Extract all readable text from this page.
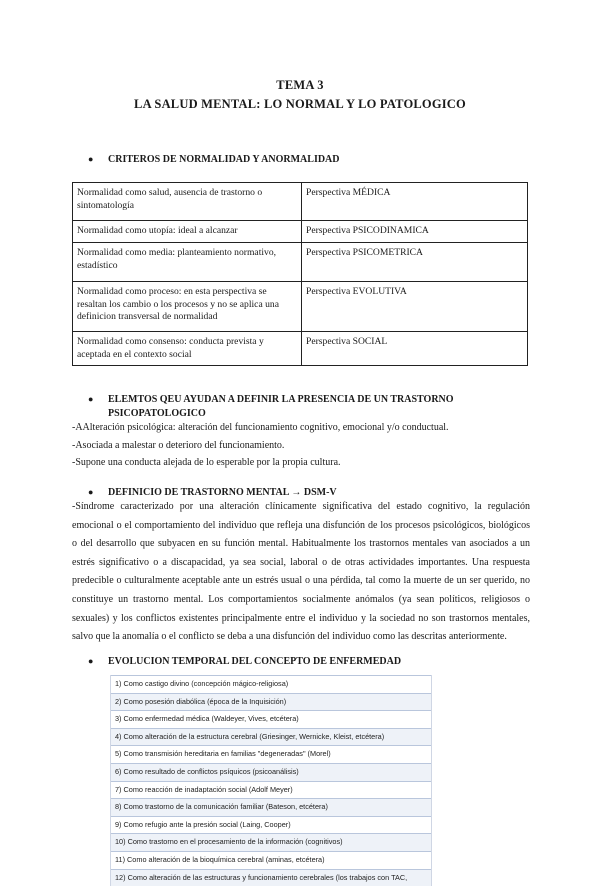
TEMA 3
LA SALUD MENTAL: LO NORMAL Y LO PATOLOGICO
● CRITEROS DE NORMALIDAD Y ANORMALIDAD
Normalidad como salud, ausencia de trastorno o sintomatología	Perspectiva MÉDICA
Normalidad como utopía: ideal a alcanzar	Perspectiva PSICODINAMICA
Normalidad como media: planteamiento normativo, estadístico	Perspectiva PSICOMETRICA
Normalidad como proceso: en esta perspectiva se resaltan los cambio o los procesos y no se aplica una definicion transversal de normalidad	Perspectiva EVOLUTIVA
Normalidad como consenso: conducta prevista y aceptada en el contexto social	Perspectiva SOCIAL
● ELEMTOS QEU AYUDAN A DEFINIR LA PRESENCIA DE UN TRASTORNO
PSICOPATOLOGICO
-AAlteración psicológica: alteración del funcionamiento cognitivo, emocional y/o conductual.
-Asociada a malestar o deterioro del funcionamiento.
-Supone una conducta alejada de lo esperable por la propia cultura.
● DEFINICIO DE TRASTORNO MENTAL → DSM-V
-Síndrome caracterizado por una alteración clínicamente significativa del estado cognitivo, la regulación emocional o el comportamiento del individuo que refleja una disfunción de los procesos psicológicos, biológicos o del desarrollo que subyacen en su función mental. Habitualmente los trastornos mentales van asociados a un estrés significativo o a discapacidad, ya sea social, laboral o de otras actividades importantes. Una respuesta predecible o culturalmente aceptable ante un estrés usual o una pérdida, tal como la muerte de un ser querido, no constituye un trastorno mental. Los comportamientos socialmente anómalos (ya sean políticos, religiosos o sexuales) y los conflictos existentes principalmente entre el individuo y la sociedad no son trastornos mentales, salvo que la anomalía o el conflicto se deba a una disfunción del individuo como las descritas anteriormente.
● EVOLUCION TEMPORAL DEL CONCEPTO DE ENFERMEDAD
1) Como castigo divino (concepción mágico-religiosa)
2) Como posesión diabólica (época de la Inquisición)
3) Como enfermedad médica (Waldeyer, Vives, etcétera)
4) Como alteración de la estructura cerebral (Griesinger, Wernicke, Kleist, etcétera)
5) Como transmisión hereditaria en familias "degeneradas" (Morel)
6) Como resultado de conflictos psíquicos (psicoanálisis)
7) Como reacción de inadaptación social (Adolf Meyer)
8) Como trastorno de la comunicación familiar (Bateson, etcétera)
9) Como refugio ante la presión social (Laing, Cooper)
10) Como trastorno en el procesamiento de la información (cognitivos)
11) Como alteración de la bioquímica cerebral (aminas, etcétera)
12) Como alteración de las estructuras y funcionamiento cerebrales (los trabajos con TAC,
